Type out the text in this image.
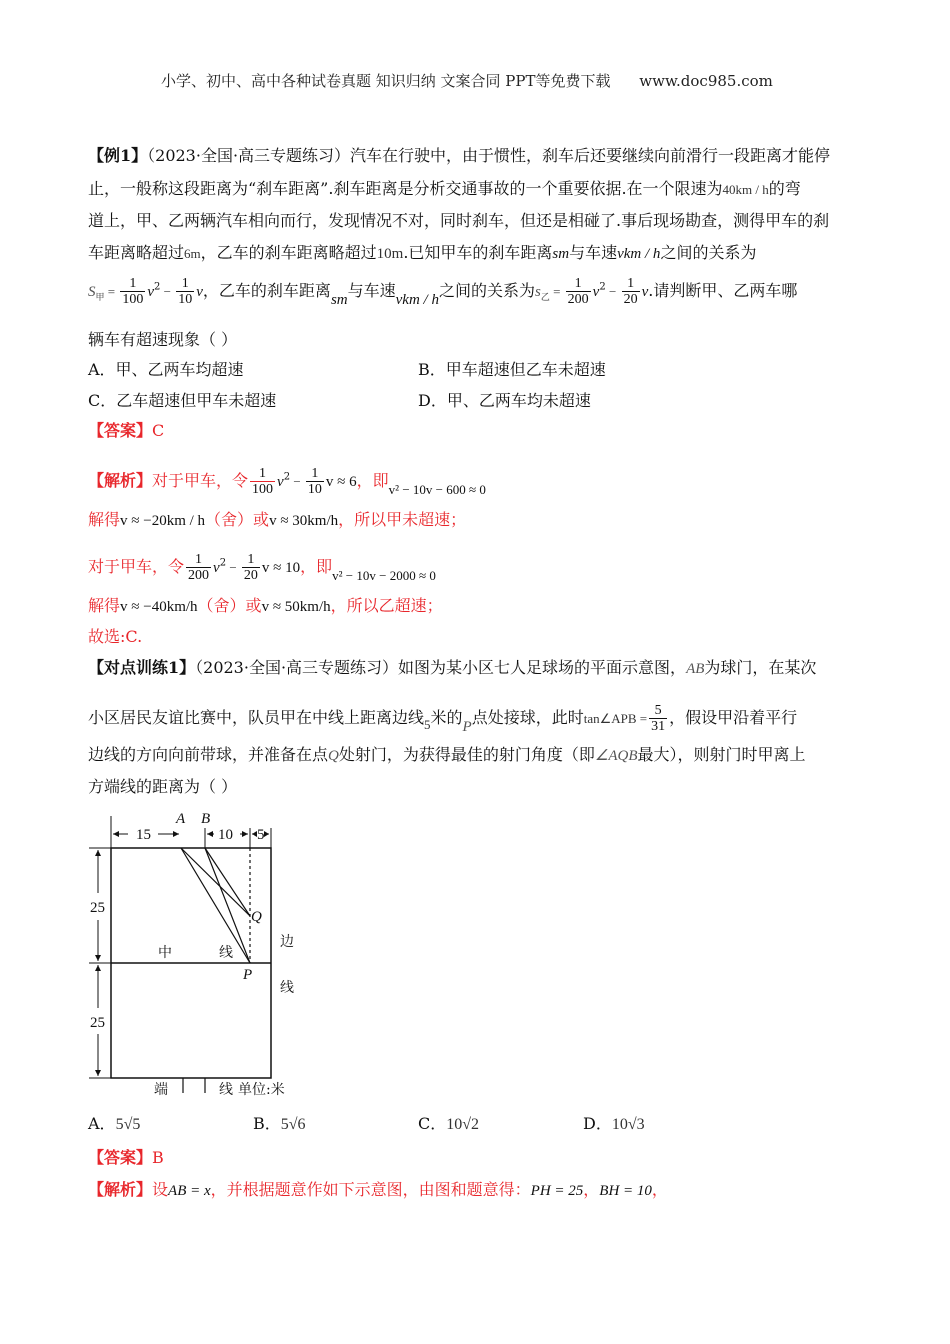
小学、初中、高中各种试卷真题 知识归纳 文案合同 PPT等免费下载 www.doc985.com
【例1】（2023·全国·高三专题练习）汽车在行驶中，由于惯性，刹车后还要继续向前滑行一段距离才能停
止，一般称这段距离为“刹车距离”.刹车距离是分析交通事故的一个重要依据.在一个限速为40km / h的弯
道上，甲、乙两辆汽车相向而行，发现情况不对，同时刹车，但还是相碰了.事后现场勘查，测得甲车的刹
车距离略超过6m，乙车的刹车距离略超过10m.已知甲车的刹车距离sm与车速vkm / h之间的关系为
$S_甲 = \frac{1}{100} v^2 - \frac{1}{10}$ v，乙车的刹车距离sm与车速vkm / h之间的关系为$s_乙 = \frac{1}{200} v^2 - \frac{1}{20} v$.请判断甲、乙两车哪
辆车有超速现象（ ）
A．甲、乙两车均超速	B．甲车超速但乙车未超速
C．乙车超速但甲车未超速	D．甲、乙两车均未超速
【答案】C
【解析】对于甲车，令 $\frac{1}{100} v^2 - \frac{1}{10}$ v ≈ 6，即$_{v^2 - 10v - 600 \approx 0}$
解得v ≈ −20km / h（舍）或v ≈ 30km/h，所以甲未超速；
对于甲车，令 $\frac{1}{200} v^2 - \frac{1}{20}$ v ≈ 10，即$_{v^2 - 10v - 2000 \approx 0}$
解得v ≈ −40km/h（舍）或v ≈ 50km/h，所以乙超速；
故选:C.
【对点训练1】（2023·全国·高三专题练习）如图为某小区七人足球场的平面示意图，AB为球门，在某次
小区居民友谊比赛中，队员甲在中线上距离边线$_5$米的P点处接球，此时tan∠APB = $\frac{5}{31}$ ，假设甲沿着平行
边线的方向向前带球，并准备在点Q处射门，为获得最佳的射门角度（即∠AQB最大），则射门时甲离上
方端线的距离为（ ）
15
A B
10 5
25
25
Q
P
中	线
边
线
端	线 单位:米
A．5√5	B．5√6	C．10√2	D．10√3
【答案】B
【解析】设AB = x，并根据题意作如下示意图，由图和题意得：PH = 25，BH = 10，
